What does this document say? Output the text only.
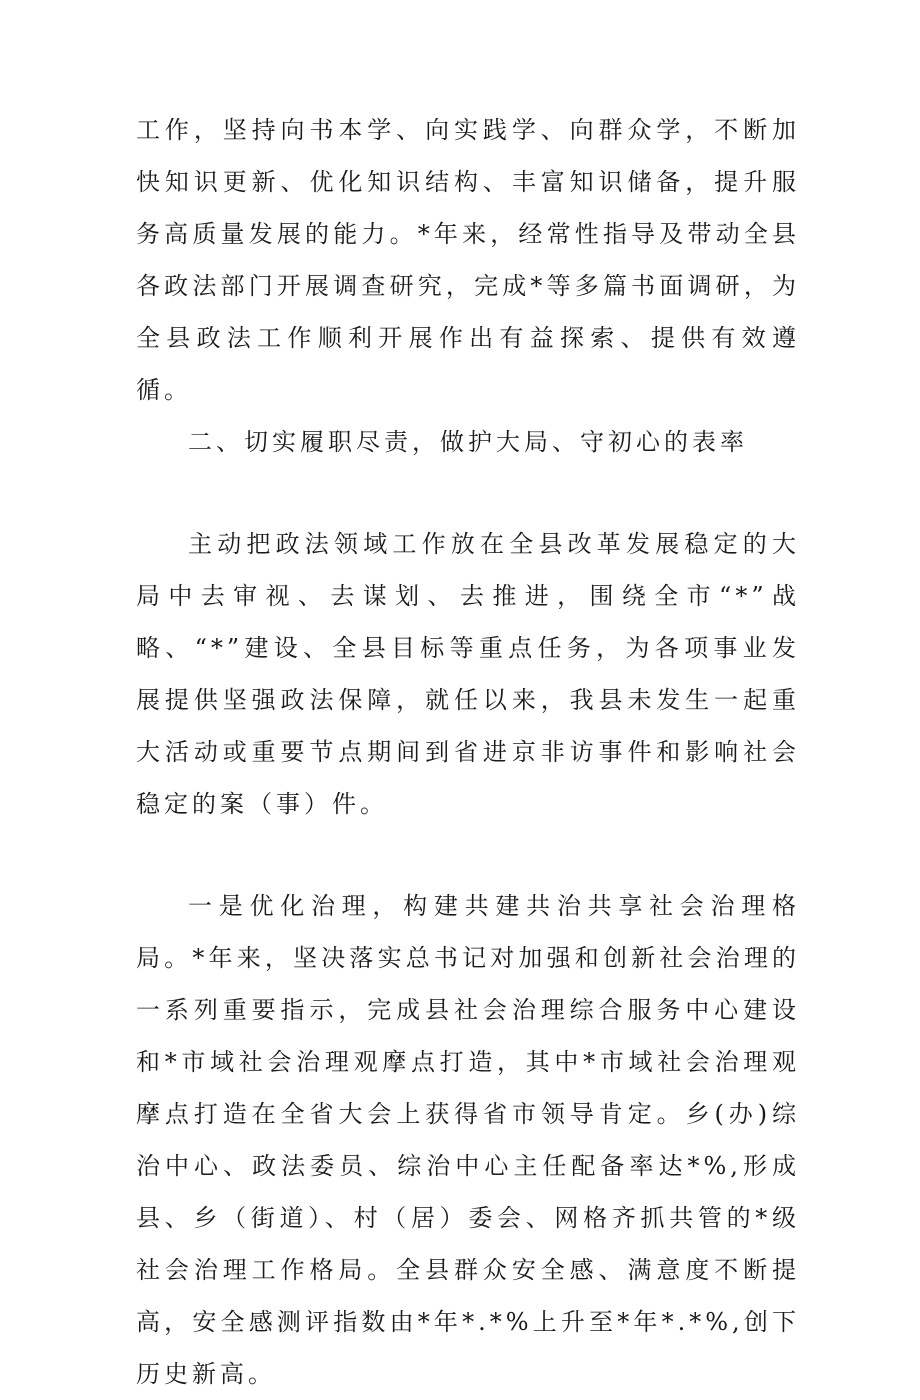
工作，坚持向书本学、向实践学、向群众学，不断加快知识更新、优化知识结构、丰富知识储备，提升服务高质量发展的能力。*年来，经常性指导及带动全县各政法部门开展调查研究，完成*等多篇书面调研，为全县政法工作顺利开展作出有益探索、提供有效遵循。

二、切实履职尽责，做护大局、守初心的表率

主动把政法领域工作放在全县改革发展稳定的大局中去审视、去谋划、去推进，围绕全市“*”战略、“*”建设、全县目标等重点任务，为各项事业发展提供坚强政法保障，就任以来，我县未发生一起重大活动或重要节点期间到省进京非访事件和影响社会稳定的案（事）件。

一是优化治理，构建共建共治共享社会治理格局。*年来，坚决落实总书记对加强和创新社会治理的一系列重要指示，完成县社会治理综合服务中心建设和*市域社会治理观摩点打造，其中*市域社会治理观摩点打造在全省大会上获得省市领导肯定。乡(办)综治中心、政法委员、综治中心主任配备率达*%,形成县、乡（街道）、村（居）委会、网格齐抓共管的*级社会治理工作格局。全县群众安全感、满意度不断提高，安全感测评指数由*年*.*%上升至*年*.*%,创下历史新高。
